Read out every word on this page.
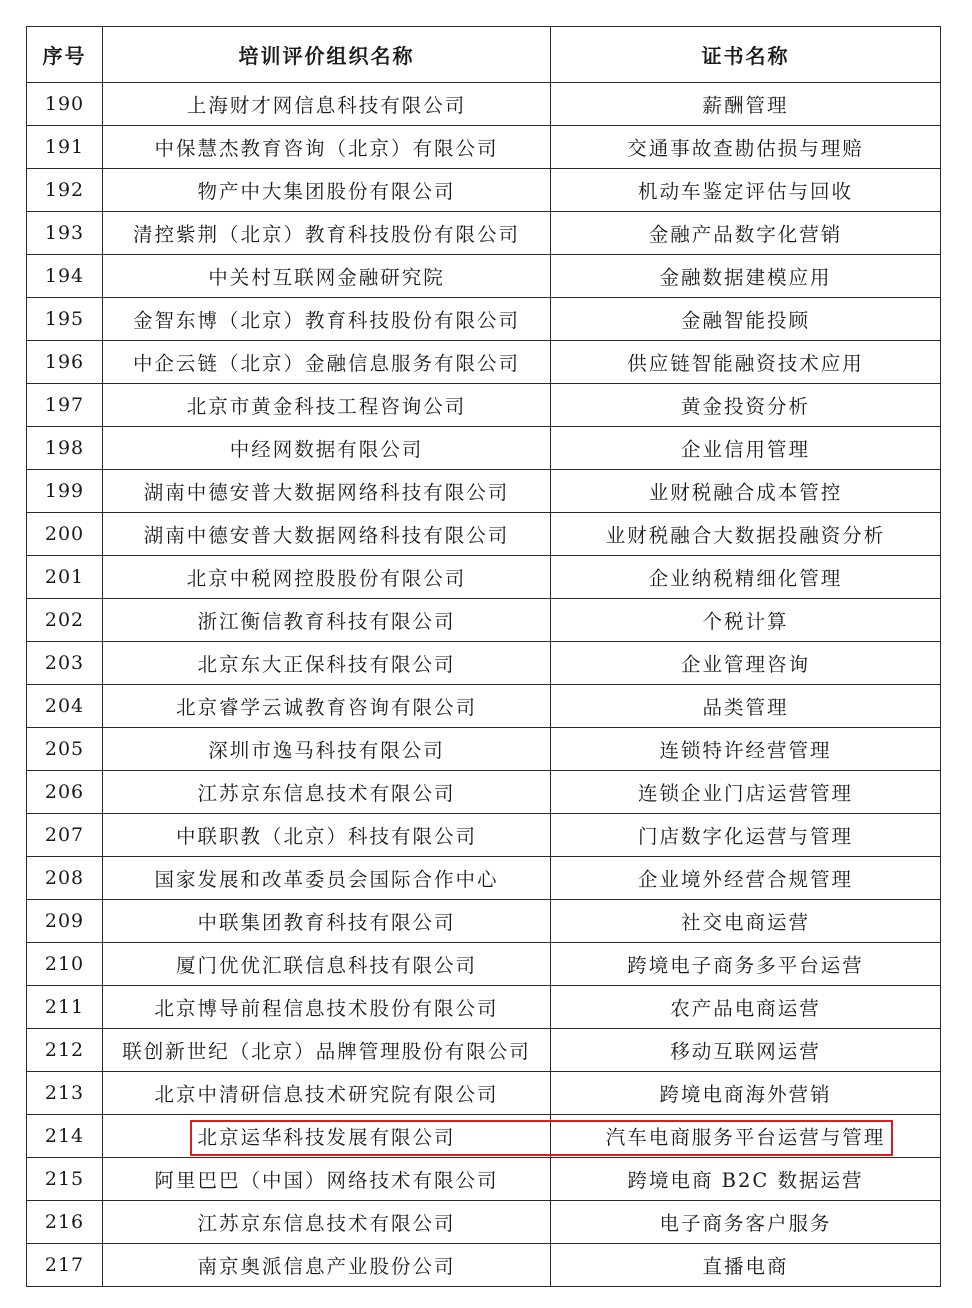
序号	培训评价组织名称	证书名称
190	上海财才网信息科技有限公司	薪酬管理
191	中保慧杰教育咨询（北京）有限公司	交通事故查勘估损与理赔
192	物产中大集团股份有限公司	机动车鉴定评估与回收
193	清控紫荆（北京）教育科技股份有限公司	金融产品数字化营销
194	中关村互联网金融研究院	金融数据建模应用
195	金智东博（北京）教育科技股份有限公司	金融智能投顾
196	中企云链（北京）金融信息服务有限公司	供应链智能融资技术应用
197	北京市黄金科技工程咨询公司	黄金投资分析
198	中经网数据有限公司	企业信用管理
199	湖南中德安普大数据网络科技有限公司	业财税融合成本管控
200	湖南中德安普大数据网络科技有限公司	业财税融合大数据投融资分析
201	北京中税网控股股份有限公司	企业纳税精细化管理
202	浙江衡信教育科技有限公司	个税计算
203	北京东大正保科技有限公司	企业管理咨询
204	北京睿学云诚教育咨询有限公司	品类管理
205	深圳市逸马科技有限公司	连锁特许经营管理
206	江苏京东信息技术有限公司	连锁企业门店运营管理
207	中联职教（北京）科技有限公司	门店数字化运营与管理
208	国家发展和改革委员会国际合作中心	企业境外经营合规管理
209	中联集团教育科技有限公司	社交电商运营
210	厦门优优汇联信息科技有限公司	跨境电子商务多平台运营
211	北京博导前程信息技术股份有限公司	农产品电商运营
212	联创新世纪（北京）品牌管理股份有限公司	移动互联网运营
213	北京中清研信息技术研究院有限公司	跨境电商海外营销
214	北京运华科技发展有限公司	汽车电商服务平台运营与管理
215	阿里巴巴（中国）网络技术有限公司	跨境电商 B2C 数据运营
216	江苏京东信息技术有限公司	电子商务客户服务
217	南京奥派信息产业股份公司	直播电商
